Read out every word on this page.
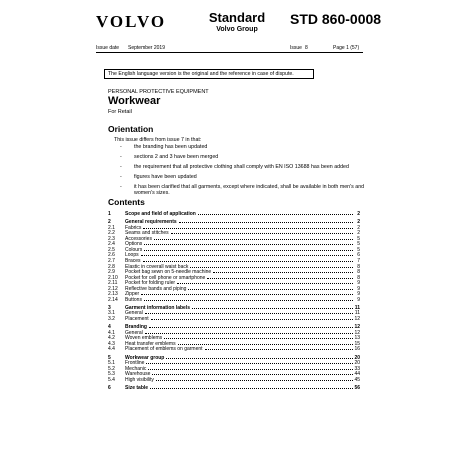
VOLVO	Standard
Volvo Group
STD 860-0008
Issue date September 2019	Issue 8	Page 1 (57)
The English language version is the original and the reference in case of dispute.
PERSONAL PROTECTIVE EQUIPMENT
Workwear
For Retail
Orientation
This issue differs from issue 7 in that:
- the branding has been updated
- sections 2 and 3 have been merged
- the requirement that all protective clothing shall comply with EN ISO 13688 has been added
- figures have been updated
- it has been clarified that all garments, except where indicated, shall be available in both men's and women's sizes.
Contents
1	Scope and field of application	2
2	General requirements	2
2.1	Fabrics	2
2.2	Seams and stitches	2
2.3	Accessories	5
2.4	Options	5
2.5	Colours	5
2.6	Loops	6
2.7	Braces	7
2.8	Elastic in coverall waist back	8
2.9	Pocket bag sewn on 5-needle machine	8
2.10	Pocket for cell phone or smartphone	8
2.11	Pocket for folding ruler	9
2.12	Reflective bands and piping	9
2.13	Zipper	9
2.14	Buttons	9
3	Garment information labels	11
3.1	General	11
3.2	Placement	12
4	Branding	12
4.1	General	12
4.2	Woven emblems	13
4.3	Heat transfer emblems	15
4.4	Placement of emblems on garment	16
5	Workwear group	20
5.1	Frontline	20
5.2	Mechanic	33
5.3	Warehouse	44
5.4	High visibility	45
6	Size table	56
